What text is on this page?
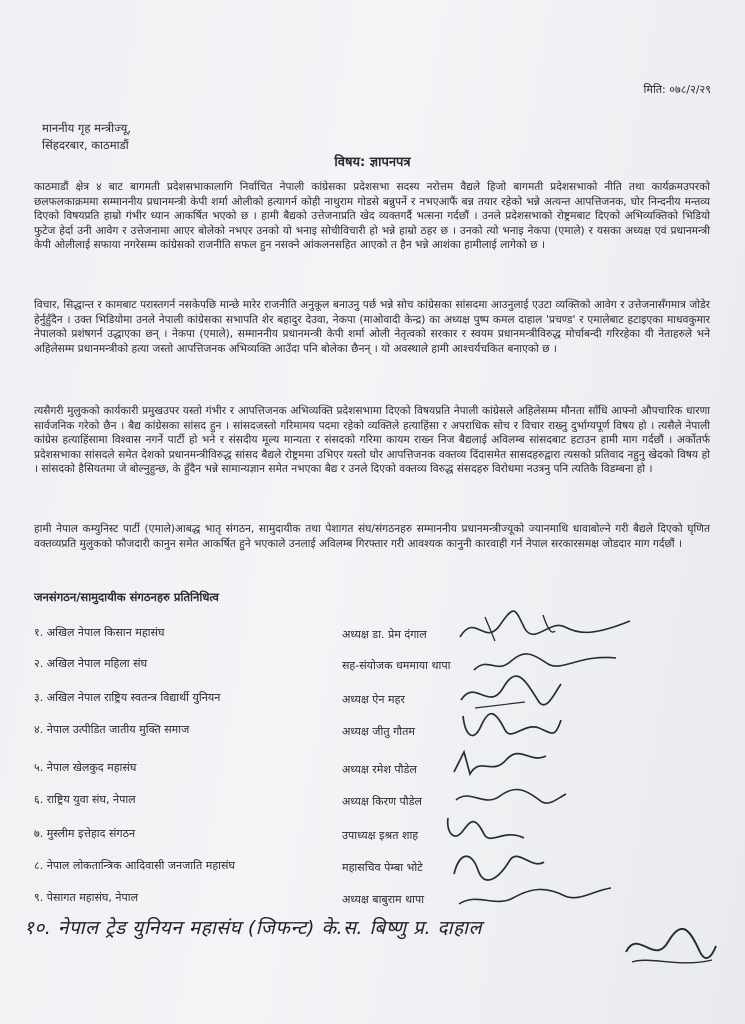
मिति: ०७८/२/२९
माननीय गृह मन्त्रीज्यू,
सिंहदरबार, काठमाडौं
विषय: ज्ञापनपत्र
काठमाडौं क्षेत्र ४ बाट बागमती प्रदेशसभाकालागि निर्वाचित नेपाली कांग्रेसका प्रदेशसभा सदस्य नरोत्तम वैद्यले हिजो बागमती प्रदेशसभाको नीति तथा कार्यक्रमउपरको छलफलकाक्रममा सम्माननीय प्रधानमन्त्री केपी शर्मा ओलीको हत्यागर्न कोही नाथुराम गोडसे बन्नुपर्ने र नभएआफैं बन्न तयार रहेको भन्ने अत्यन्त आपत्तिजनक, घोर निन्दनीय मन्तव्य दिएको विषयप्रति हाम्रो गंभीर ध्यान आकर्षित भएको छ । हामी बैद्यको उत्तेजनाप्रति खेद व्यक्तगर्दै भत्सना गर्दछौं । उनले प्रदेशसभाको रोष्ट्रमबाट दिएको अभिव्यक्तिको भिडियो फुटेज हेर्दा उनी आवेग र उत्तेजनामा आएर बोलेको नभएर उनको यो भनाइ सोचीविचारी हो भन्ने हाम्रो ठहर छ । उनको त्यो भनाइ नेकपा (एमाले) र यसका अध्यक्ष एवं प्रधानमन्त्री केपी ओलीलाई सफाया नगरेसम्म कांग्रेसको राजनीति सफल हुन नसक्ने आंकलनसहित आएको त हैन भन्ने आशंका हामीलाई लागेको छ ।
विचार, सिद्धान्त र कामबाट परास्तगर्न नसकेपछि मान्छे मारेर राजनीति अनुकूल बनाउनु पर्छ भन्ने सोच कांग्रेसका सांसदमा आउनुलाई एउटा व्यक्तिको आवेग र उत्तेजनासँगमात्र जोडेर हेर्नुहुँदैन । उक्त भिडियोमा उनले नेपाली कांग्रेसका सभापति शेर बहादुर देउवा, नेकपा (माओवादी केन्द्र) का अध्यक्ष पुष्प कमल दाहाल 'प्रचण्ड' र एमालेबाट हटाइएका माधवकुमार नेपालको प्रशंषगर्न उद्धाएका छन् । नेकपा (एमाले), सम्माननीय प्रधानमन्त्री केपी शर्मा ओली नेतृत्वको सरकार र स्वयम प्रधानमन्त्रीविरुद्ध मोर्चाबन्दी गरिरहेका यी नेताहरुले भने अहिलेसम्म प्रधानमन्त्रीको हत्या जस्तो आपत्तिजनक अभिव्यक्ति आउँदा पनि बोलेका छैनन् । यो अवस्थाले हामी आश्चर्यचकित बनाएको छ ।
त्यसैगरी मुलुकको कार्यकारी प्रमुखउपर यस्तो गंभीर र आपत्तिजनक अभिव्यक्ति प्रदेशसभामा दिएको विषयप्रति नेपाली कांग्रेसले अहिलेसम्म मौनता साँधि आफ्नो औपचारिक धारणा सार्वजनिक गरेको छैन । बैद्य कांग्रेसका सांसद हुन । सांसदजस्तो गरिमामय पदमा रहेको व्यक्तिले हत्याहिंसा र अपराधिक सोच र विचार राख्नु दुर्भाग्यपूर्ण विषय हो । त्यसैले नेपाली कांग्रेस हत्याहिंसामा विश्वास नगर्ने पार्टी हो भने र संसदीय मूल्य मान्यता र संसदको गरिमा कायम राख्न निज बैद्यलाई अविलम्ब सांसदबाट हटाउन हामी माग गर्दछौं । अर्कोतर्फ प्रदेशसभाका सांसदले समेत देशको प्रधानमन्त्रीविरुद्ध सांसद बैद्यले रोष्ट्रममा उभिएर यस्तो घोर आपत्तिजनक वक्तव्य दिंदासमेत सासदहरुद्वारा त्यसको प्रतिवाद नहुनु खेदको विषय हो । सांसदको हैसियतमा जे बोल्नुहुन्छ, के हुँदैन भन्ने सामान्यज्ञान समेत नभएका बैद्य र उनले दिएको वक्तव्य विरुद्ध संसदहरु विरोधमा नउत्रनु पनि त्यतिकै विडम्बना हो ।
हामी नेपाल कम्युनिस्ट पार्टी (एमाले)आबद्ध भातृ संगठन, सामुदायीक तथा पेशागत संघ/संगठनहरु सम्माननीय प्रधानमन्त्रीज्यूको ज्यानमाथि धावाबोल्ने गरी बैद्यले दिएको घृणित वक्तव्यप्रति मुलुकको फौजदारी कानुन समेत आकर्षित हुने भएकाले उनलाई अविलम्ब गिरफ्तार गरी आवश्यक कानुनी कारवाही गर्न नेपाल सरकारसमक्ष जोडदार माग गर्दछौं ।
जनसंगठन/सामुदायीक संगठनहरु प्रतिनिधित्व
१. अखिल नेपाल किसान महासंघ	अध्यक्ष डा. प्रेम दंगाल
२. अखिल नेपाल महिला संघ	सह-संयोजक धममाया थापा
३. अखिल नेपाल राष्ट्रिय स्वतन्त्र विद्यार्थी युनियन	अध्यक्ष ऐन महर
४. नेपाल उत्पीडित जातीय मुक्ति समाज	अध्यक्ष जीतु गौतम
५. नेपाल खेलकुद महासंघ	अध्यक्ष रमेश पौडेल
६. राष्ट्रिय युवा संघ, नेपाल	अध्यक्ष किरण पौडेल
७. मुस्लीम इत्तेहाद संगठन	उपाध्यक्ष इश्रत शाह
८. नेपाल लोकतान्त्रिक आदिवासी जनजाति महासंघ	महासचिव पेम्बा भोटे
९. पेसागत महासंघ, नेपाल	अध्यक्ष बाबुराम थापा
१०. नेपाल ट्रेड युनियन महासंघ (जिफन्ट) के.स. बिष्णु प्र. दाहाल
